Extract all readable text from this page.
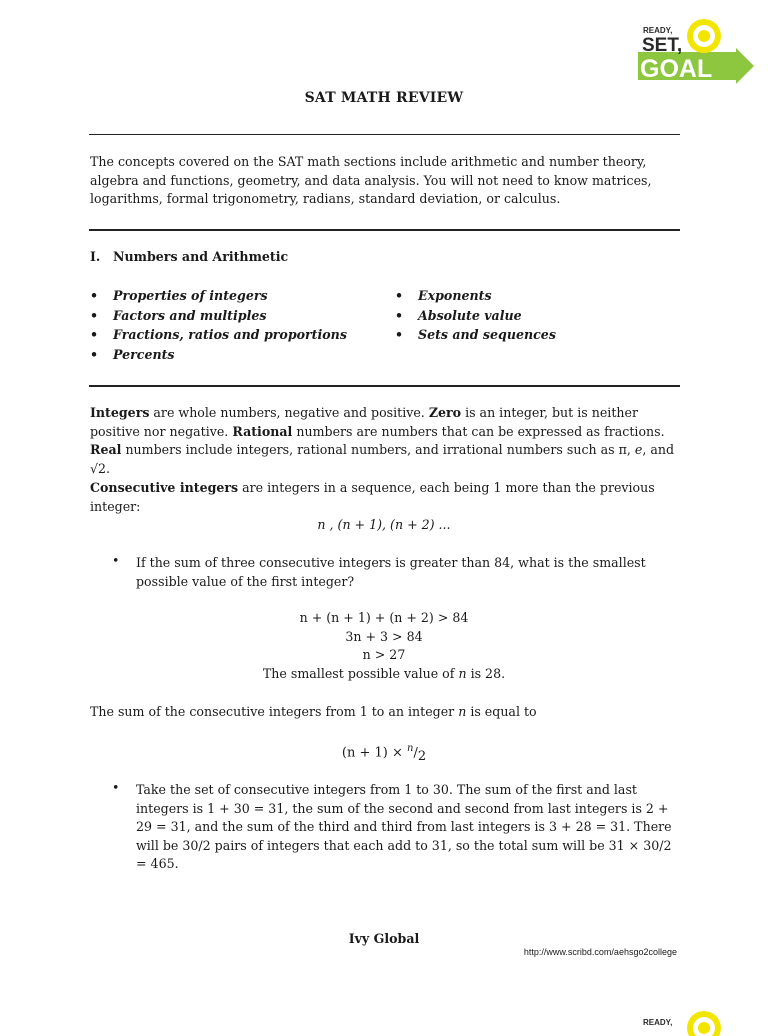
READY,
SET,
GOAL
SAT MATH REVIEW
The concepts covered on the SAT math sections include arithmetic and number theory, algebra and functions, geometry, and data analysis. You will not need to know matrices, logarithms, formal trigonometry, radians, standard deviation, or calculus.
I. Numbers and Arithmetic
• Properties of integers
• Factors and multiples
• Fractions, ratios and proportions
• Percents
• Exponents
• Absolute value
• Sets and sequences
Integers are whole numbers, negative and positive. Zero is an integer, but is neither positive nor negative. Rational numbers are numbers that can be expressed as fractions. Real numbers include integers, rational numbers, and irrational numbers such as π, e, and √2.
Consecutive integers are integers in a sequence, each being 1 more than the previous integer:
n , (n + 1), (n + 2) ...
• If the sum of three consecutive integers is greater than 84, what is the smallest possible value of the first integer?
n + (n + 1) + (n + 2) > 84
3n + 3 > 84
n > 27
The smallest possible value of n is 28.
The sum of the consecutive integers from 1 to an integer n is equal to
$(n + 1) \times ^n/_2$
• Take the set of consecutive integers from 1 to 30. The sum of the first and last integers is 1 + 30 = 31, the sum of the second and second from last integers is 2 + 29 = 31, and the sum of the third and third from last integers is 3 + 28 = 31. There will be 30/2 pairs of integers that each add to 31, so the total sum will be 31 × 30/2 = 465.
Ivy Global
http://www.scribd.com/aehsgo2college
READY,
